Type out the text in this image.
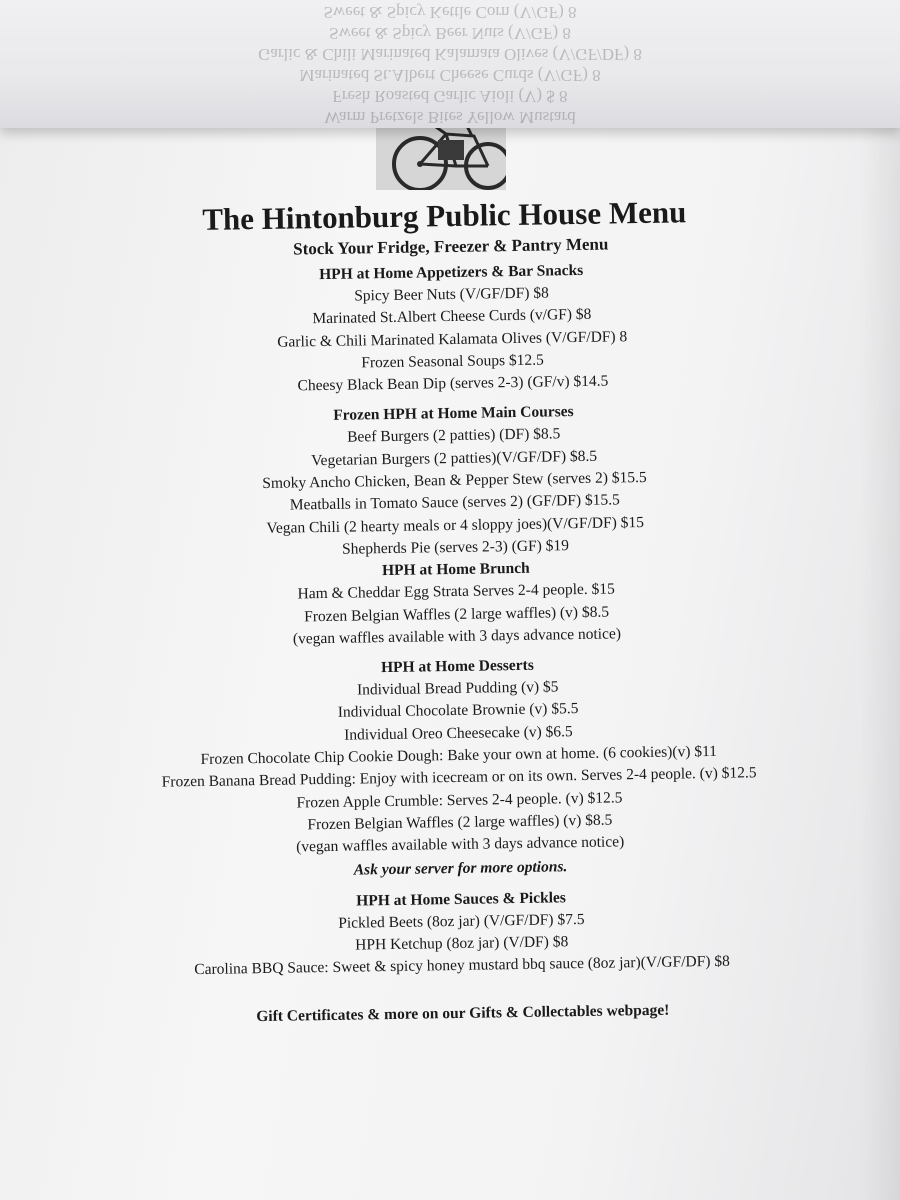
Warm Pretzels Bites Yellow Mustard
Fresh Roasted Garlic Aioli (V) $ 8
Marinated St.Albert Cheese Curds (V/GF) 8
Garlic & Chili Marinated Kalamata Olives (V/GF/DF) 8
Sweet & Spicy Beer Nuts (V/GF) 8
Sweet & Spicy Kettle Corn (V/GF) 8
The Hintonburg Public House Menu
Stock Your Fridge, Freezer & Pantry Menu
HPH at Home Appetizers & Bar Snacks
Spicy Beer Nuts (V/GF/DF) $8
Marinated St.Albert Cheese Curds (v/GF) $8
Garlic & Chili Marinated Kalamata Olives (V/GF/DF) 8
Frozen Seasonal Soups $12.5
Cheesy Black Bean Dip (serves 2-3) (GF/v) $14.5
Frozen HPH at Home Main Courses
Beef Burgers (2 patties) (DF) $8.5
Vegetarian Burgers (2 patties)(V/GF/DF) $8.5
Smoky Ancho Chicken, Bean & Pepper Stew (serves 2) $15.5
Meatballs in Tomato Sauce (serves 2) (GF/DF) $15.5
Vegan Chili (2 hearty meals or 4 sloppy joes)(V/GF/DF) $15
Shepherds Pie (serves 2-3) (GF) $19
HPH at Home Brunch
Ham & Cheddar Egg Strata Serves 2-4 people. $15
Frozen Belgian Waffles (2 large waffles) (v) $8.5
(vegan waffles available with 3 days advance notice)
HPH at Home Desserts
Individual Bread Pudding (v) $5
Individual Chocolate Brownie (v) $5.5
Individual Oreo Cheesecake (v) $6.5
Frozen Chocolate Chip Cookie Dough: Bake your own at home. (6 cookies)(v) $11
Frozen Banana Bread Pudding: Enjoy with icecream or on its own. Serves 2-4 people. (v) $12.5
Frozen Apple Crumble: Serves 2-4 people. (v) $12.5
Frozen Belgian Waffles (2 large waffles) (v) $8.5
(vegan waffles available with 3 days advance notice)
Ask your server for more options.
HPH at Home Sauces & Pickles
Pickled Beets (8oz jar) (V/GF/DF) $7.5
HPH Ketchup (8oz jar) (V/DF) $8
Carolina BBQ Sauce: Sweet & spicy honey mustard bbq sauce (8oz jar)(V/GF/DF) $8
Gift Certificates & more on our Gifts & Collectables webpage!
